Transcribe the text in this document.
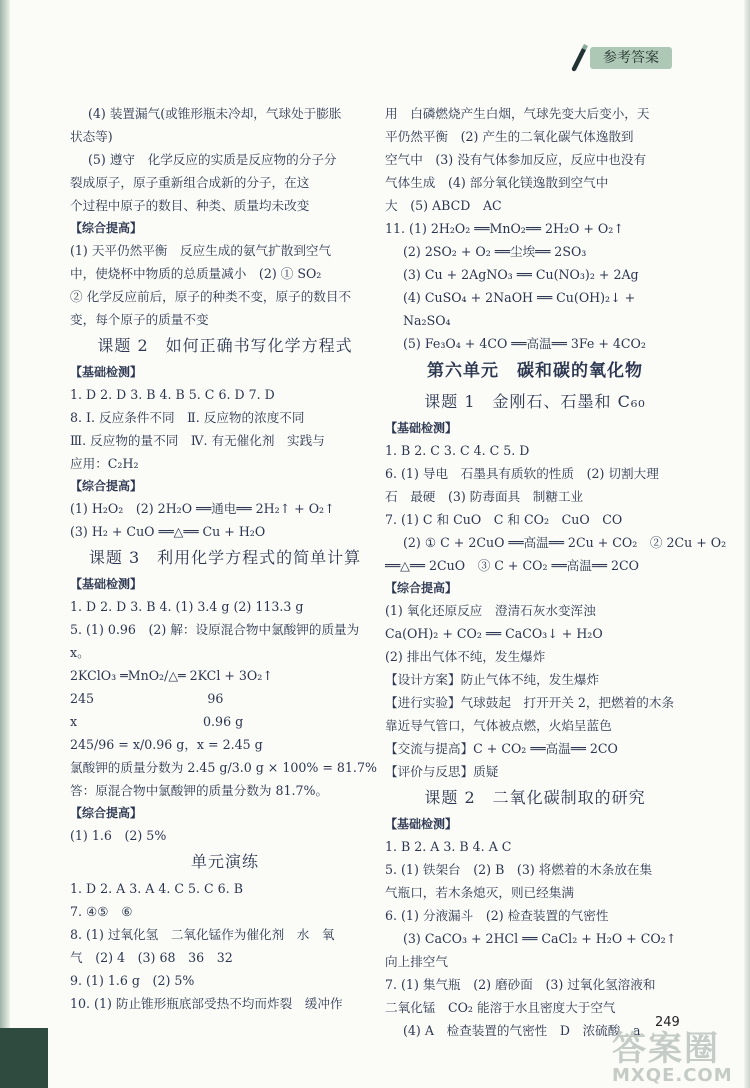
参考答案
(4) 装置漏气(或锥形瓶未冷却，气球处于膨胀
状态等)
(5) 遵守　化学反应的实质是反应物的分子分
裂成原子，原子重新组合成新的分子，在这
个过程中原子的数目、种类、质量均未改变
【综合提高】
(1) 天平仍然平衡　反应生成的氨气扩散到空气
中，使烧杯中物质的总质量减小　(2) ① SO₂
② 化学反应前后，原子的种类不变，原子的数目不
变，每个原子的质量不变
课题 2　如何正确书写化学方程式
【基础检测】
1. D 2. D 3. B 4. B 5. C 6. D 7. D
8. Ⅰ. 反应条件不同　Ⅱ. 反应物的浓度不同
Ⅲ. 反应物的量不同　Ⅳ. 有无催化剂　实践与
应用：C₂H₂
【综合提高】
(1) H₂O₂　(2) 2H₂O ══通电══ 2H₂↑ + O₂↑
(3) H₂ + CuO ══△══ Cu + H₂O
课题 3　利用化学方程式的简单计算
【基础检测】
1. D 2. D 3. B 4. (1) 3.4 g (2) 113.3 g
5. (1) 0.96　(2) 解：设原混合物中氯酸钾的质量为
x。
2KClO₃ ═MnO₂/△═ 2KCl + 3O₂↑
245　　　　　　　　　96
x　　　　　　　　　　0.96 g
245/96 = x/0.96 g，x = 2.45 g
氯酸钾的质量分数为 2.45 g/3.0 g × 100% = 81.7%
答：原混合物中氯酸钾的质量分数为 81.7%。
【综合提高】
(1) 1.6　(2) 5%
单元演练
1. D 2. A 3. A 4. C 5. C 6. B
7. ④⑤　⑥
8. (1) 过氧化氢　二氧化锰作为催化剂　水　氧
气　(2) 4　(3) 68　36　32
9. (1) 1.6 g　(2) 5%
10. (1) 防止锥形瓶底部受热不均而炸裂　缓冲作
用　白磷燃烧产生白烟，气球先变大后变小，天
平仍然平衡　(2) 产生的二氧化碳气体逸散到
空气中　(3) 没有气体参加反应，反应中也没有
气体生成　(4) 部分氧化镁逸散到空气中
大　(5) ABCD　AC
11. (1) 2H₂O₂ ══MnO₂══ 2H₂O + O₂↑
(2) 2SO₂ + O₂ ══尘埃══ 2SO₃
(3) Cu + 2AgNO₃ ══ Cu(NO₃)₂ + 2Ag
(4) CuSO₄ + 2NaOH ══ Cu(OH)₂↓ +
Na₂SO₄
(5) Fe₃O₄ + 4CO ══高温══ 3Fe + 4CO₂
第六单元　碳和碳的氧化物
课题 1　金刚石、石墨和 C₆₀
【基础检测】
1. B 2. C 3. C 4. C 5. D
6. (1) 导电　石墨具有质软的性质　(2) 切割大理
石　最硬　(3) 防毒面具　制糖工业
7. (1) C 和 CuO　C 和 CO₂　CuO　CO
(2) ① C + 2CuO ══高温══ 2Cu + CO₂　② 2Cu + O₂
══△══ 2CuO　③ C + CO₂ ══高温══ 2CO
【综合提高】
(1) 氧化还原反应　澄清石灰水变浑浊
Ca(OH)₂ + CO₂ ══ CaCO₃↓ + H₂O
(2) 排出气体不纯，发生爆炸
【设计方案】防止气体不纯，发生爆炸
【进行实验】气球鼓起　打开开关 2，把燃着的木条
靠近导气管口，气体被点燃，火焰呈蓝色
【交流与提高】C + CO₂ ══高温══ 2CO
【评价与反思】质疑
课题 2　二氧化碳制取的研究
【基础检测】
1. B 2. A 3. B 4. A C
5. (1) 铁架台　(2) B　(3) 将燃着的木条放在集
气瓶口，若木条熄灭，则已经集满
6. (1) 分液漏斗　(2) 检查装置的气密性
(3) CaCO₃ + 2HCl ══ CaCl₂ + H₂O + CO₂↑
向上排空气
7. (1) 集气瓶　(2) 磨砂面　(3) 过氧化氢溶液和
二氧化锰　CO₂ 能溶于水且密度大于空气
(4) A　检查装置的气密性　D　浓硫酸　a
249
答案圈
MXQE.COM
